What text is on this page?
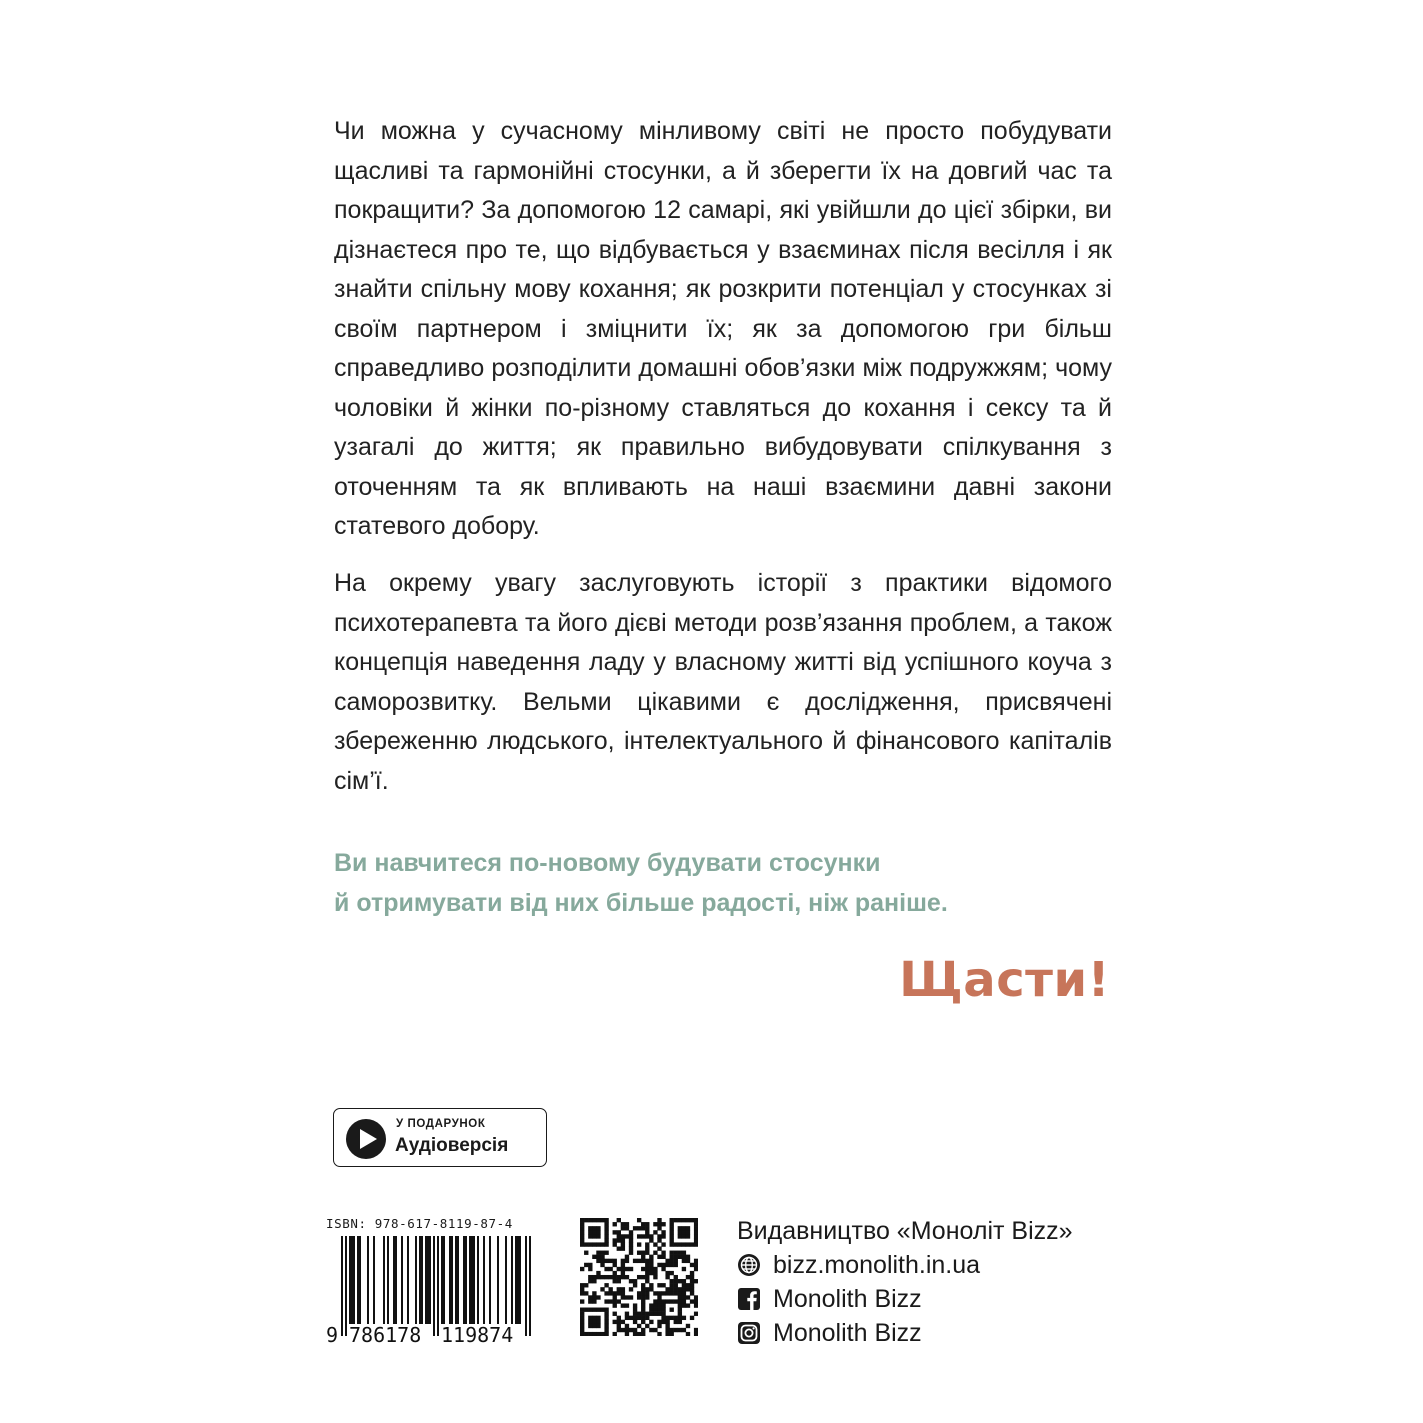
Чи можна у сучасному мінливому світі не просто побудувати щасливі та гармонійні стосунки, а й зберегти їх на довгий час та покращити? За допомогою 12 самарі, які увійшли до цієї збірки, ви дізнаєтеся про те, що відбувається у взаєминах після весілля і як знайти спільну мову кохання; як розкрити потенціал у стосунках зі своїм партнером і зміцнити їх; як за допомогою гри більш справедливо розподілити домашні обов’язки між подружжям; чому чоловіки й жінки по-різному ставляться до кохання і сексу та й узагалі до життя; як правильно вибудовувати спілкування з оточенням та як впливають на наші взаємини давні закони статевого добору.

На окрему увагу заслуговують історії з практики відомого психотерапевта та його дієві методи розв’язання проблем, а також концепція наведення ладу у власному житті від успішного коуча з саморозвитку. Вельми цікавими є дослідження, присвячені збереженню людського, інтелектуального й фінансового капіталів сім’ї.

Ви навчитеся по-новому будувати стосунки
й отримувати від них більше радості, ніж раніше.
Щасти!
У ПОДАРУНОК
Аудіоверсія
ISBN: 978-617-8119-87-4
9 786178 119874
Видавництво «Моноліт Bizz»
bizz.monolith.in.ua
Monolith Bizz
Monolith Bizz
